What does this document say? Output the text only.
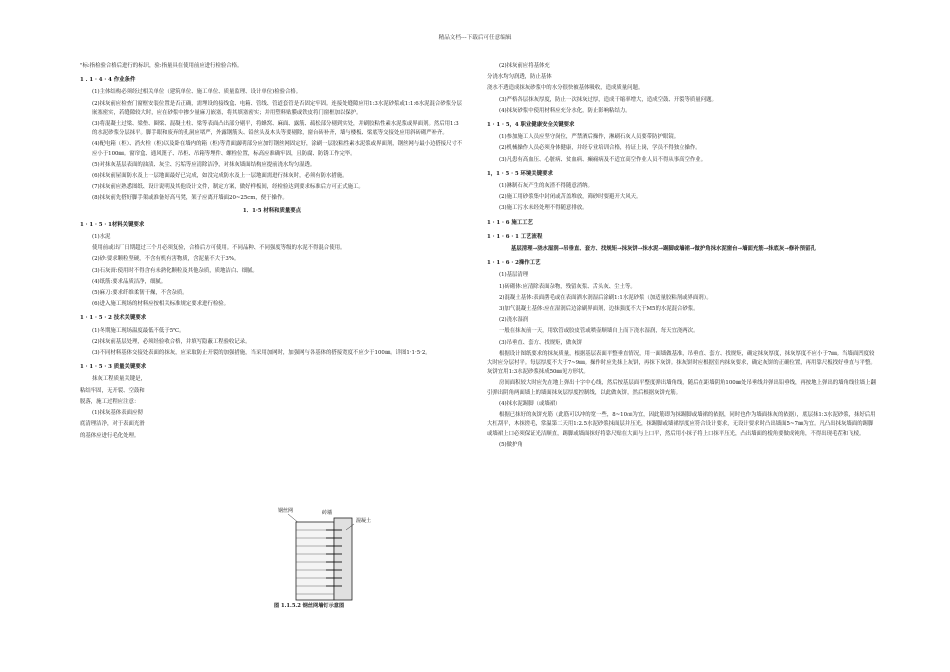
精品文档---下载后可任意编辑
"标:指检验合格后进行的标识，验:指量具在使用前应进行检验合格。
1 . 1 · 4 · 4 作业条件
(1)主体结构必须经过相关单位（建筑单位、施工单位、质量监理、设计单位)检验合格。
(2)抹灰前应检查门窗框安装位置是否正确，需埋设的接线盒、电箱、管线、管道套管是否固定牢固。连接处缝隙应用1:3水泥砂浆或1:1:6水泥混合砂浆分层嵌塞密实，若缝隙较大时，应在砂浆中掺少量麻刀嵌塞，将其填塞密实；并用塑料贴膜或铁皮将门窗框加以保护。
(3)将混凝土过梁、梁垫、圈梁、混凝土柱、梁等表面凸出部分剔平，将蜂窝、麻面、露筋、疏松部分剔到实处，并刷胶粘性素水泥浆或界面剂。然后用1:3的水泥砂浆分层抹平。脚手眼和废弃的孔洞应堵严，外露钢筋头、铅丝头及木头等要剔除，窗台砖补齐，墙与楼板、梁底等交接处应用斜砖砌严补齐。
(4)配电箱（柜）、消火栓（柜)以及卧在墙内的箱（柜)等背面露明部分应加钉钢丝网固定好，涂刷一层胶粘性素水泥浆或界面剂，钢丝网与最小边搭接尺寸不应小于100㎜。窗帘盒、通风篦子、吊柜、吊箱等埋件、螺栓位置，标高应准确牢固，且防腐、防锈工作完毕。
(5)对抹灰基层表面的油渍、灰尘、污垢等应清除洁净，对抹灰墙面结构应提前浇水均匀湿透。
(6)抹灰前屋面防水及上一层地面最好已完成，如没完成防水及上一层地面需进行抹灰时，必须有防水措施。
(7)抹灰前应熟悉图纸、设计说明及其他设计文件，制定方案，做好样板间，经检验达到要求标准后方可正式施工。
(8)抹灰前先搭好脚手架或准备好高马凳，架子应离开墙面20~25cm，便于操作。
1．1·5 材料和质量要点
1 · 1 · 5 · 1材料关键要求
(1)水泥
使用前或出厂日期超过三个月必须复验，合格后方可使用。不同品种、不同强度等级的水泥不得混合使用。
(2)砂:要求颗粒坚硬，不含有机有害物质，含泥量不大于3%。
(3)石灰膏:使用时不得含有未熟化颗粒及其他杂质，质地洁白、细腻。
(4)纸筋:要求品质洁净，细腻。
(5)麻刀:要求纤维柔韧干燥，不含杂质。
(6)进入施工现场的材料应按相关标准规定要求进行检验。
1 · 1 · 5 · 2 技术关键要求
(1)冬期施工现场温度最低不低于5℃。
(2)抹灰前基层处理，必须经验收合格，并填写隐蔽工程验收记录。
(3)不同材料基体交接处表面的抹灰，应采取防止开裂的加强措施，当采用加网时，加强网与各基体的搭接宽度不应少于100㎜。详图1·1·5·2。
1 · 1 · 5 · 3 质量关键要求
抹灰工程质量关键是，
粘结牢固，无开裂、空鼓和
脱落，施工过程应注意：
(1)抹灰基体表面应彻
底清理洁净，对于表面光滑
的基体应进行毛化处理。
(2)抹灰前应将基体充
分浇水均匀润透，防止基体
浇水不透造成抹灰砂浆中的水分很快被基体吸收，造成质量问题。
(3)严格各层抹灰厚度，防止一次抹灰过厚，造成干缩率增大，造成空鼓、开裂等质量问题。
(4)抹灰砂浆中使用材料应充分水化，防止影响粘结力。
1 · 1 · 5，4 职业健康安全关键要求
(1)参加施工人员应坚守岗位，严禁酒后操作，淋刷石灰人员要带防护眼镜。
(2)机械操作人员必须身体健康，并经专业培训合格，持证上岗，学员不得独立操作。
(3)凡患有高血压、心脏病、贫血病、癫痫病及不适宜高空作业人员不得从事高空作业。
1，1 · 5 · 5 环境关键要求
(1)淋制石灰产生的灰渣不得随意消纳。
(2)施工用砂浆集中封闭或苫盖堆放，筛砂时要避开大风天。
(3)施工污水未经处理不得随意排放。
1 · 1 · 6 施工工艺
1 · 1 · 6 · 1 工艺流程
基层清理→浇水湿润→吊垂直、套方、找规矩→抹灰饼→抹水泥→踢脚或墙裙→做护角抹水泥窗台→墙面充筋→抹底灰→修补预留孔
1 · 1 · 6 · 2操作工艺
(1)基层清理
1)砖砌体:应清除表面杂物，残留灰浆、舌头灰、尘土等。
2)混凝土基体:表面凿毛或在表面洒水润湿后涂刷1:1水泥砂浆（加适量胶粘剂或界面剂）。
3)加气混凝土基体:应在湿润后边涂刷界面剂，边抹强度不大于M5的水泥混合砂浆。
(2)浇水湿润
一般在抹灰前一天，用软管或胶皮管或喷壶顺墙自上而下浇水湿润，每天宜浇两次。
(3)吊垂直、套方、找规矩，做灰饼
根据设计图纸要求的抹灰质量，根据基层表面平整垂直情况，用一面墙做基准，吊垂直、套方、找规矩，确定抹灰厚度，抹灰厚度不应小于7㎜。当墙面凹度较大时应分层衬平。每层厚度不大于7~9㎜。操作时应先抹上灰饼，再抹下灰饼。抹灰饼时应根据室内抹灰要求，确定灰饼的正确位置，再用靠尺板找好垂直与平整。灰饼宜用1:3水泥砂浆抹成50㎜见方形状。
房间面积较大时应先在地上弹出十字中心线，然后按基层面平整度弹出墙角线，随后在距墙阴角100㎜处吊垂线并弹出铅垂线，再按地上弹出的墙角线往墙上翻引弹出阴角两面墙上的墙面抹灰层厚度控制线，以此做灰饼，然后根据灰饼充筋。
(4)抹水泥踢脚（或墙裙）
根据已抹好的灰饼充筋（此筋可以冲的宽一些，8~10㎝为宜，因此筋即为抹踢脚或墙裙的依据，同时也作为墙面抹灰的依据），底层抹1:3水泥砂浆，抹好后用大杠刮平，木抹搓毛，常温第二天用1:2.5水泥砂浆抹面层并压光，抹踢脚或墙裙厚度应符合设计要求，无设计要求时凸出墙面5~7㎜为宜。凡凸出抹灰墙面的踢脚或墙裙上口必须保证光洁顺直，踢脚或墙面抹好将靠尺贴在大面与上口平，然后用小抹子将上口抹平压光，凸出墙面的棱角要做成钝角，不得出现毛茬和飞棱。
(5)做护角
钢丝网	砖墙
混凝土
图 1.1.5.2 钢丝网墙钉示意图
